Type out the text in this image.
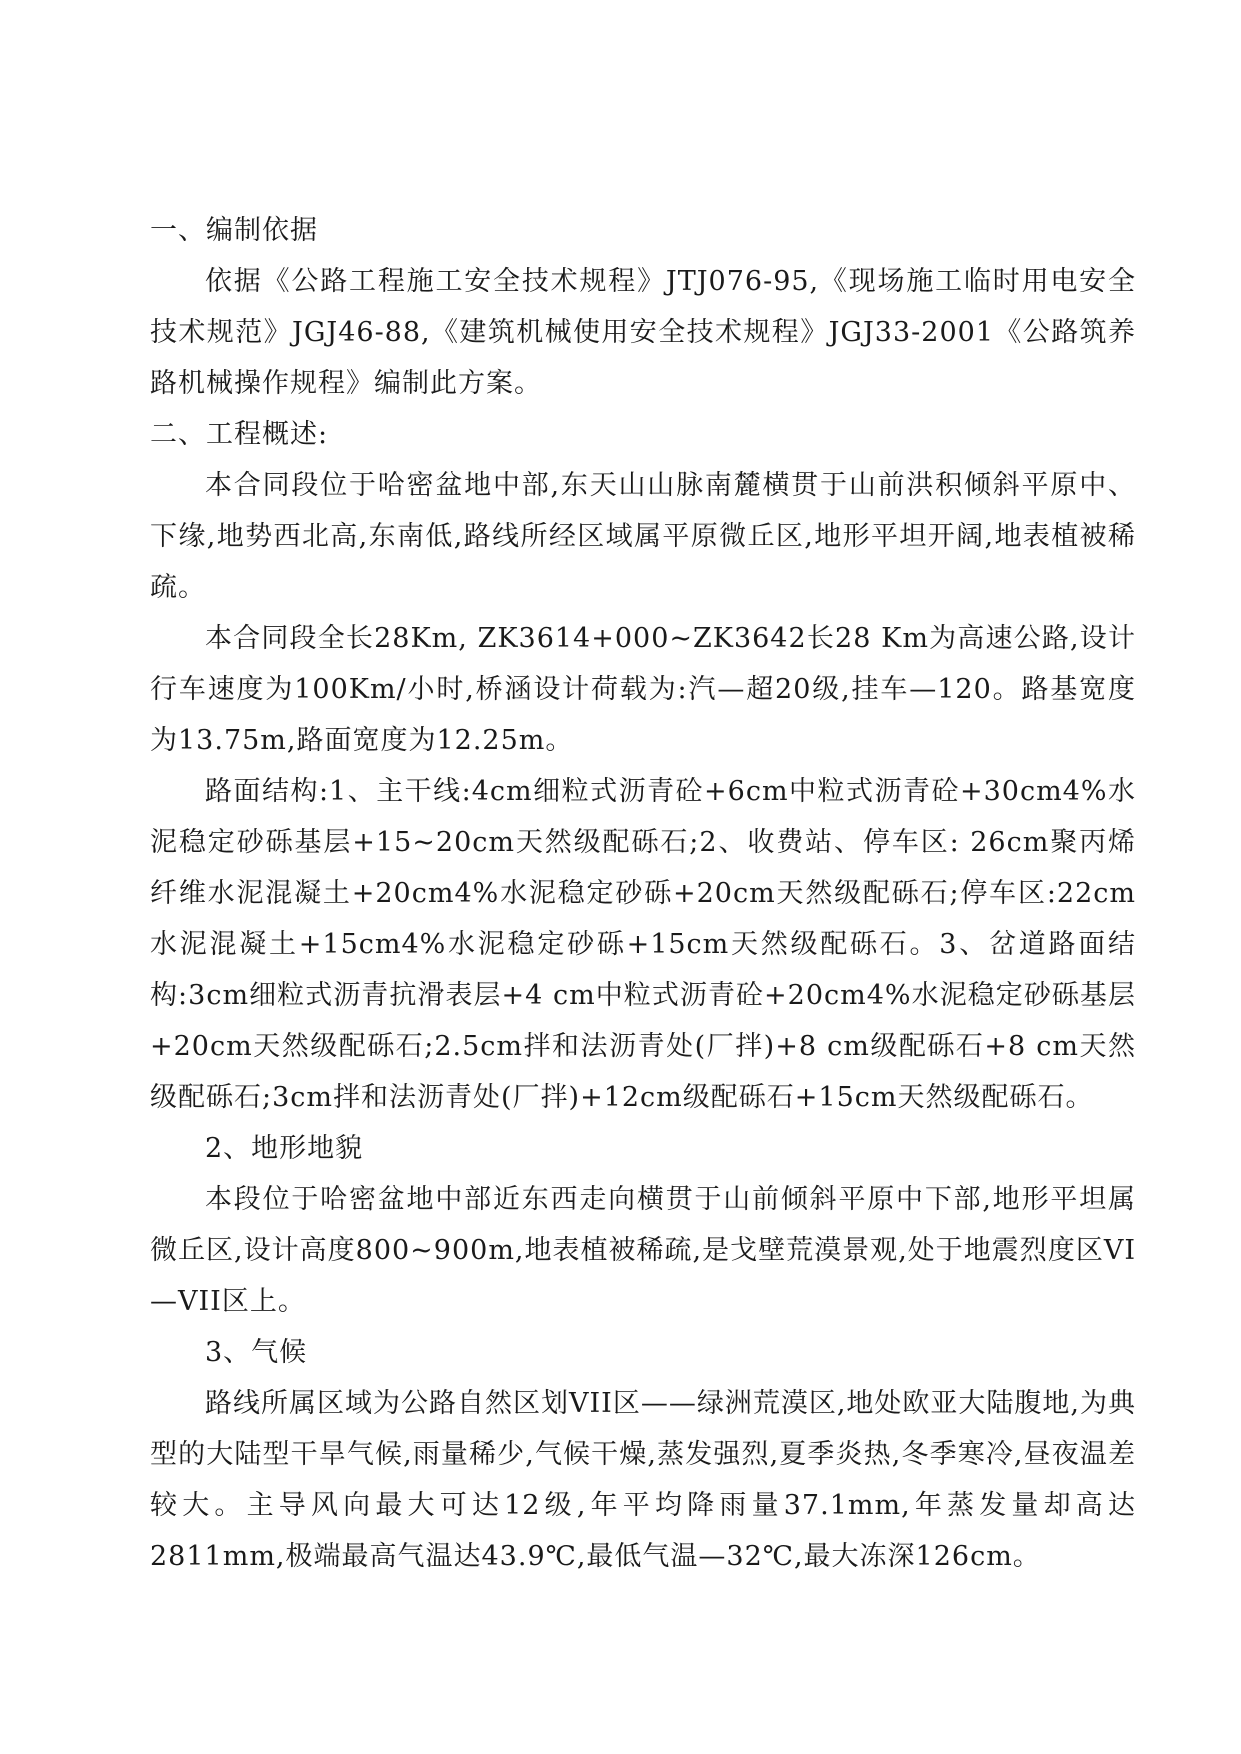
一、编制依据

依据《公路工程施工安全技术规程》JTJ076-95,《现场施工临时用电安全技术规范》JGJ46-88,《建筑机械使用安全技术规程》JGJ33-2001《公路筑养路机械操作规程》编制此方案。

二、工程概述:

本合同段位于哈密盆地中部,东天山山脉南麓横贯于山前洪积倾斜平原中、下缘,地势西北高,东南低,路线所经区域属平原微丘区,地形平坦开阔,地表植被稀疏。

本合同段全长28Km, ZK3614+000~ZK3642长28 Km为高速公路,设计行车速度为100Km/小时,桥涵设计荷载为:汽—超20级,挂车—120。路基宽度为13.75m,路面宽度为12.25m。

路面结构:1、主干线:4cm细粒式沥青砼+6cm中粒式沥青砼+30cm4%水泥稳定砂砾基层+15~20cm天然级配砾石;2、收费站、停车区: 26cm聚丙烯纤维水泥混凝土+20cm4%水泥稳定砂砾+20cm天然级配砾石;停车区:22cm水泥混凝土+15cm4%水泥稳定砂砾+15cm天然级配砾石。3、岔道路面结构:3cm细粒式沥青抗滑表层+4 cm中粒式沥青砼+20cm4%水泥稳定砂砾基层+20cm天然级配砾石;2.5cm拌和法沥青处(厂拌)+8 cm级配砾石+8 cm天然级配砾石;3cm拌和法沥青处(厂拌)+12cm级配砾石+15cm天然级配砾石。

2、地形地貌

本段位于哈密盆地中部近东西走向横贯于山前倾斜平原中下部,地形平坦属微丘区,设计高度800~900m,地表植被稀疏,是戈壁荒漠景观,处于地震烈度区VI—VII区上。

3、气候

路线所属区域为公路自然区划VII区——绿洲荒漠区,地处欧亚大陆腹地,为典型的大陆型干旱气候,雨量稀少,气候干燥,蒸发强烈,夏季炎热,冬季寒冷,昼夜温差较大。主导风向最大可达12级,年平均降雨量37.1mm,年蒸发量却高达2811mm,极端最高气温达43.9℃,最低气温—32℃,最大冻深126cm。
